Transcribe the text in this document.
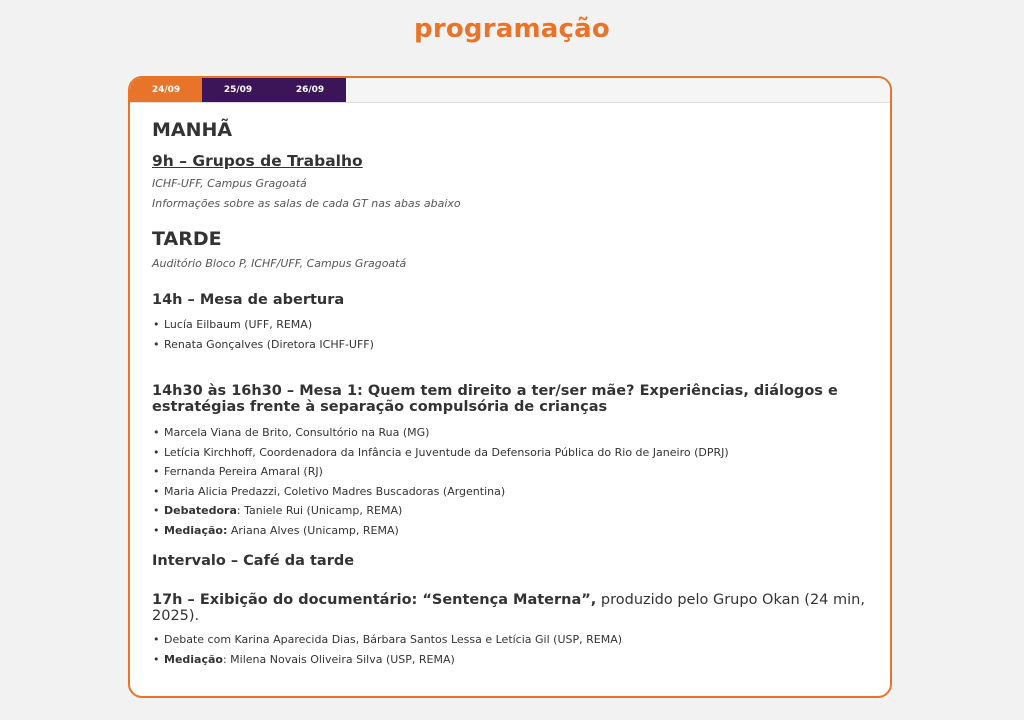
programação
24/09	25/09	26/09
MANHÃ
9h – Grupos de Trabalho
ICHF-UFF, Campus Gragoatá
Informações sobre as salas de cada GT nas abas abaixo
TARDE
Auditório Bloco P, ICHF/UFF, Campus Gragoatá
14h – Mesa de abertura
• Lucía Eilbaum (UFF, REMA)
• Renata Gonçalves (Diretora ICHF-UFF)
14h30 às 16h30 – Mesa 1: Quem tem direito a ter/ser mãe? Experiências, diálogos e
estratégias frente à separação compulsória de crianças
• Marcela Viana de Brito, Consultório na Rua (MG)
• Letícia Kirchhoff, Coordenadora da Infância e Juventude da Defensoria Pública do Rio de Janeiro (DPRJ)
• Fernanda Pereira Amaral (RJ)
• Maria Alicia Predazzi, Coletivo Madres Buscadoras (Argentina)
• Debatedora: Taniele Rui (Unicamp, REMA)
• Mediação: Ariana Alves (Unicamp, REMA)
Intervalo – Café da tarde
17h – Exibição do documentário: “Sentença Materna”, produzido pelo Grupo Okan (24 min,
2025).
• Debate com Karina Aparecida Dias, Bárbara Santos Lessa e Letícia Gil (USP, REMA)
• Mediação: Milena Novais Oliveira Silva (USP, REMA)
